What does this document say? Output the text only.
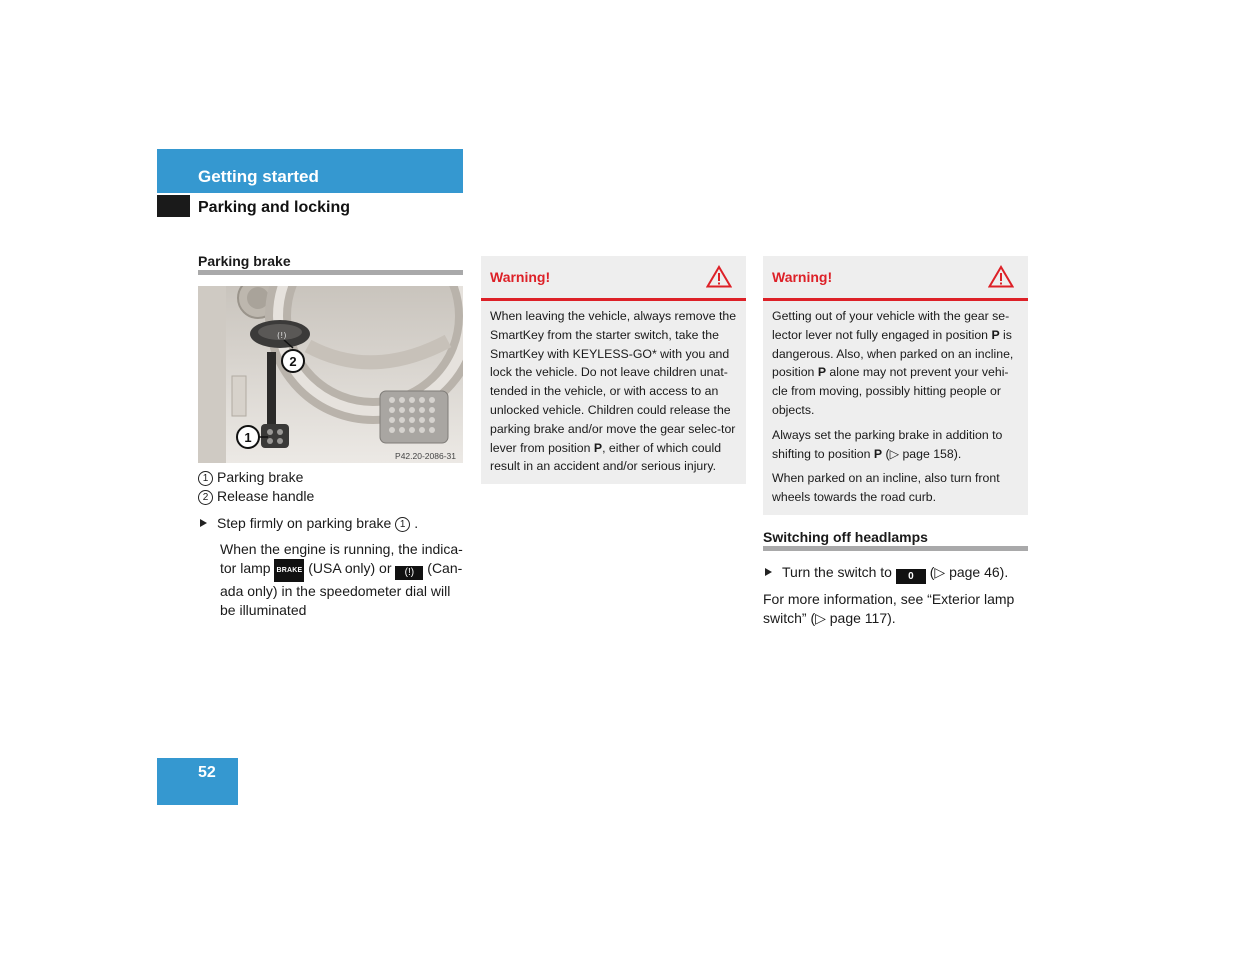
Getting started
Parking and locking
Parking brake
(!)
2
1
P42.20-2086-31
1 Parking brake
2 Release handle
Step firmly on parking brake 1 .
When the engine is running, the indica-tor lamp BRAKE (USA only) or (!) (Can-ada only) in the speedometer dial will be illuminated
Warning!

When leaving the vehicle, always remove the SmartKey from the starter switch, take the SmartKey with KEYLESS-GO* with you and lock the vehicle. Do not leave children unat-tended in the vehicle, or with access to an unlocked vehicle. Children could release the parking brake and/or move the gear selec-tor lever from position P, either of which could result in an accident and/or serious injury.

Warning!

Getting out of your vehicle with the gear se-lector lever not fully engaged in position P is dangerous. Also, when parked on an incline, position P alone may not prevent your vehi-cle from moving, possibly hitting people or objects.

Always set the parking brake in addition to shifting to position P (▷ page 158).

When parked on an incline, also turn front wheels towards the road curb.

Switching off headlamps
Turn the switch to 0 (▷ page 46).
For more information, see “Exterior lamp switch” (▷ page 117).
52
